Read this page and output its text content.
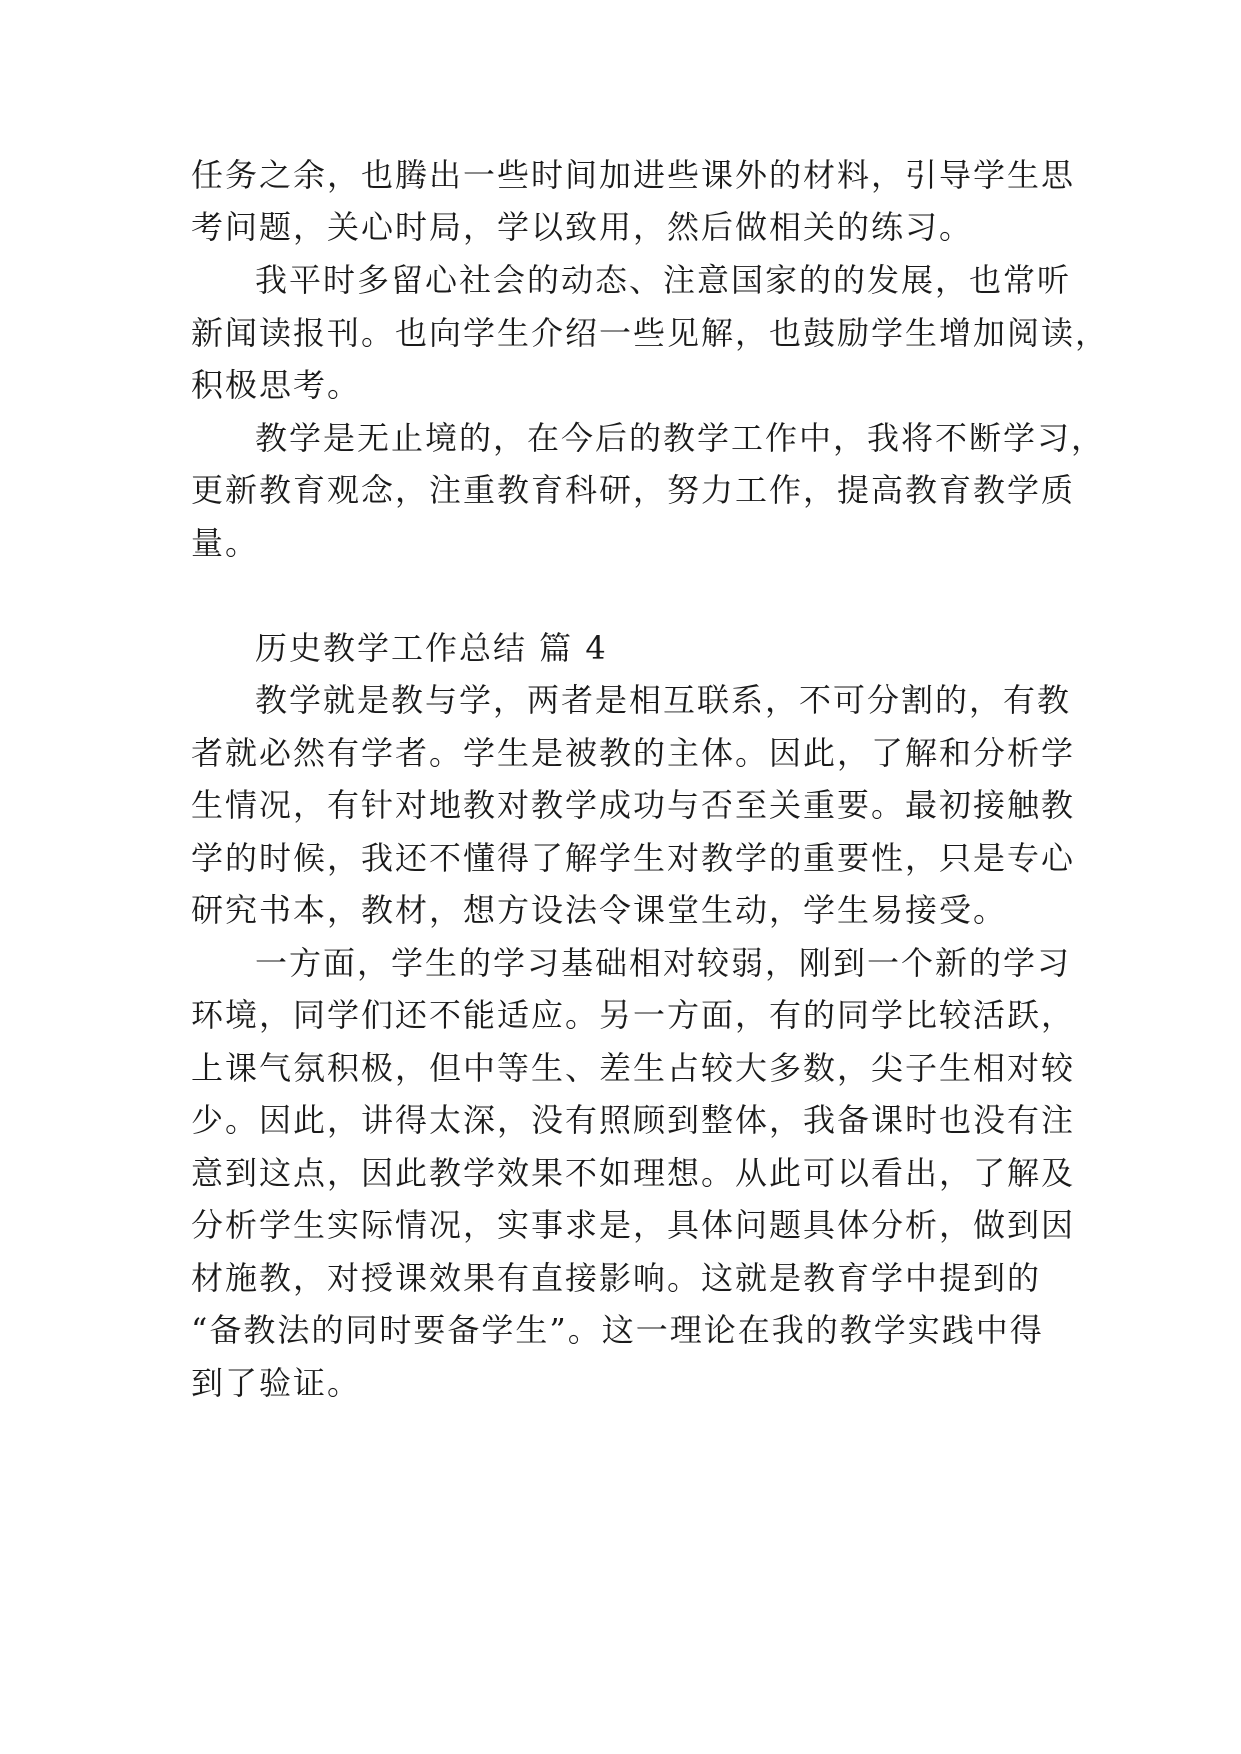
任务之余，也腾出一些时间加进些课外的材料，引导学生思
考问题，关心时局，学以致用，然后做相关的练习。
我平时多留心社会的动态、注意国家的的发展，也常听
新闻读报刊。也向学生介绍一些见解，也鼓励学生增加阅读，
积极思考。
教学是无止境的，在今后的教学工作中，我将不断学习，
更新教育观念，注重教育科研，努力工作，提高教育教学质
量。
历史教学工作总结 篇 4
教学就是教与学，两者是相互联系，不可分割的，有教
者就必然有学者。学生是被教的主体。因此，了解和分析学
生情况，有针对地教对教学成功与否至关重要。最初接触教
学的时候，我还不懂得了解学生对教学的重要性，只是专心
研究书本，教材，想方设法令课堂生动，学生易接受。
一方面，学生的学习基础相对较弱，刚到一个新的学习
环境，同学们还不能适应。另一方面，有的同学比较活跃，
上课气氛积极，但中等生、差生占较大多数，尖子生相对较
少。因此，讲得太深，没有照顾到整体，我备课时也没有注
意到这点，因此教学效果不如理想。从此可以看出，了解及
分析学生实际情况，实事求是，具体问题具体分析，做到因
材施教，对授课效果有直接影响。这就是教育学中提到的
“备教法的同时要备学生”。这一理论在我的教学实践中得
到了验证。
